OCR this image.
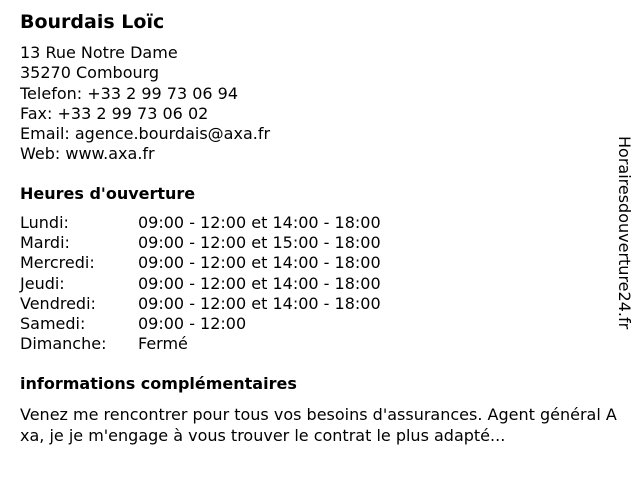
Bourdais Loïc
13 Rue Notre Dame
35270 Combourg
Telefon: +33 2 99 73 06 94
Fax: +33 2 99 73 06 02
Email: agence.bourdais@axa.fr
Web: www.axa.fr
Heures d'ouverture
Lundi:	09:00 - 12:00 et 14:00 - 18:00
Mardi:	09:00 - 12:00 et 15:00 - 18:00
Mercredi:	09:00 - 12:00 et 14:00 - 18:00
Jeudi:	09:00 - 12:00 et 14:00 - 18:00
Vendredi:	09:00 - 12:00 et 14:00 - 18:00
Samedi:	09:00 - 12:00
Dimanche:	Fermé
informations complémentaires
Venez me rencontrer pour tous vos besoins d'assurances. Agent général Axa, je je m'engage à vous trouver le contrat le plus adapté...
Horairesdouverture24.fr
